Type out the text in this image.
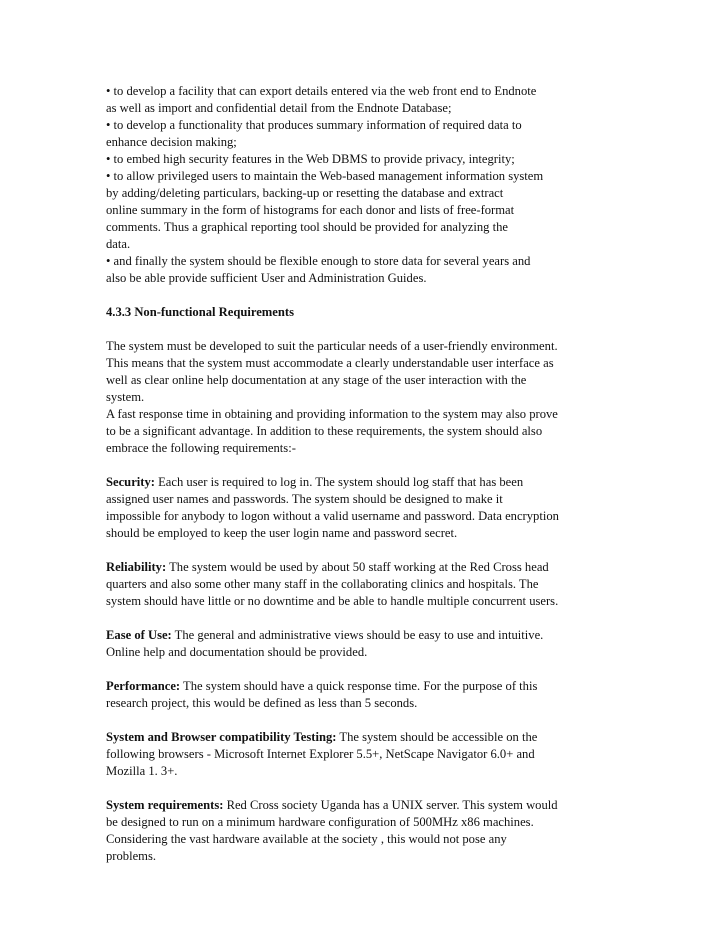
• to develop a facility that can export details entered via the web front end to Endnote
as well as import and confidential detail from the Endnote Database;
• to develop a functionality that produces summary information of required data to
enhance decision making;
• to embed high security features in the Web DBMS to provide privacy, integrity;
• to allow privileged users to maintain the Web-based management information system
by adding/deleting particulars, backing-up or resetting the database and extract
online summary in the form of histograms for each donor and lists of free-format
comments. Thus a graphical reporting tool should be provided for analyzing the
data.
• and finally the system should be flexible enough to store data for several years and
also be able provide sufficient User and Administration Guides.
4.3.3 Non-functional Requirements
The system must be developed to suit the particular needs of a user-friendly environment.
This means that the system must accommodate a clearly understandable user interface as
well as clear online help documentation at any stage of the user interaction with the
system.
A fast response time in obtaining and providing information to the system may also prove
to be a significant advantage. In addition to these requirements, the system should also
embrace the following requirements:-
Security: Each user is required to log in. The system should log staff that has been
assigned user names and passwords. The system should be designed to make it
impossible for anybody to logon without a valid username and password. Data encryption
should be employed to keep the user login name and password secret.
Reliability: The system would be used by about 50 staff working at the Red Cross head
quarters and also some other many staff in the collaborating clinics and hospitals. The
system should have little or no downtime and be able to handle multiple concurrent users.
Ease of Use: The general and administrative views should be easy to use and intuitive.
Online help and documentation should be provided.
Performance: The system should have a quick response time. For the purpose of this
research project, this would be defined as less than 5 seconds.
System and Browser compatibility Testing: The system should be accessible on the
following browsers - Microsoft Internet Explorer 5.5+, NetScape Navigator 6.0+ and
Mozilla 1. 3+.
System requirements: Red Cross society Uganda has a UNIX server. This system would
be designed to run on a minimum hardware configuration of 500MHz x86 machines.
Considering the vast hardware available at the society , this would not pose any
problems.
